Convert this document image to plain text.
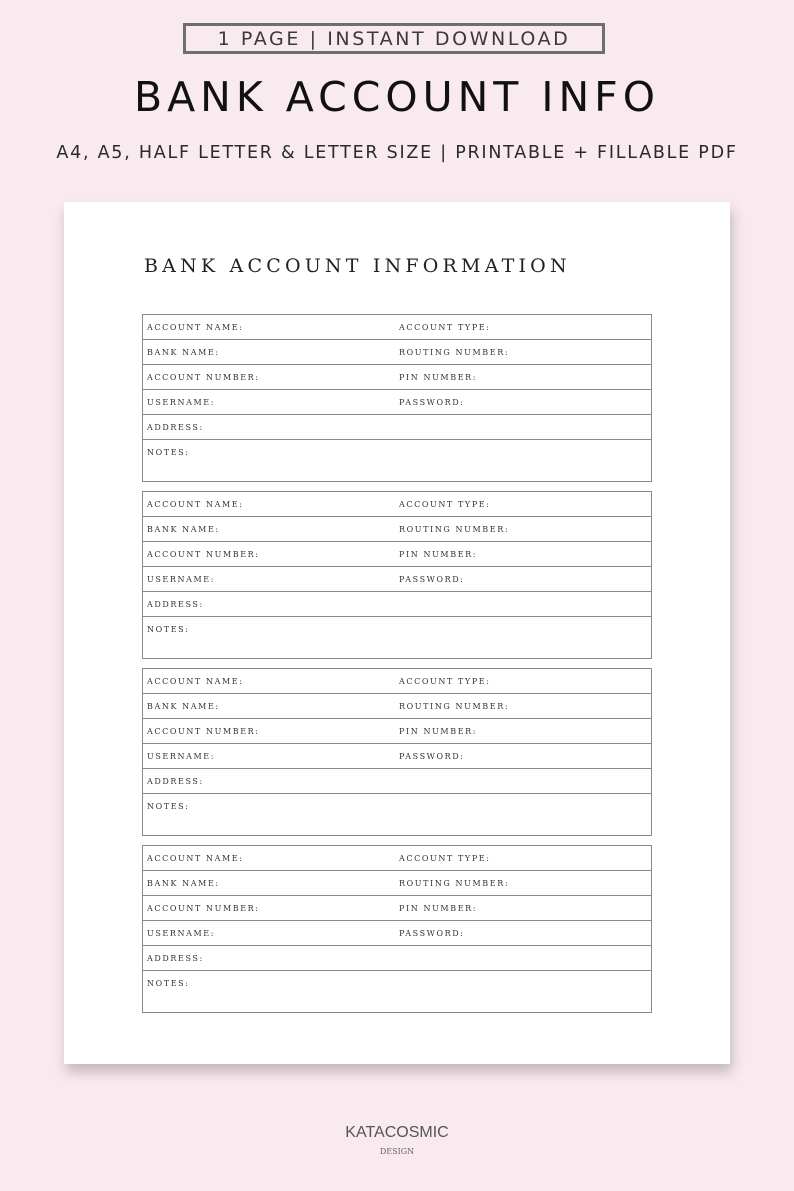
1 PAGE | INSTANT DOWNLOAD
BANK ACCOUNT INFO
A4, A5, HALF LETTER & LETTER SIZE | PRINTABLE + FILLABLE PDF
BANK ACCOUNT INFORMATION
ACCOUNT NAME:	ACCOUNT TYPE:
BANK NAME:	ROUTING NUMBER:
ACCOUNT NUMBER:	PIN NUMBER:
USERNAME:	PASSWORD:
ADDRESS:
NOTES:
ACCOUNT NAME:	ACCOUNT TYPE:
BANK NAME:	ROUTING NUMBER:
ACCOUNT NUMBER:	PIN NUMBER:
USERNAME:	PASSWORD:
ADDRESS:
NOTES:
ACCOUNT NAME:	ACCOUNT TYPE:
BANK NAME:	ROUTING NUMBER:
ACCOUNT NUMBER:	PIN NUMBER:
USERNAME:	PASSWORD:
ADDRESS:
NOTES:
ACCOUNT NAME:	ACCOUNT TYPE:
BANK NAME:	ROUTING NUMBER:
ACCOUNT NUMBER:	PIN NUMBER:
USERNAME:	PASSWORD:
ADDRESS:
NOTES:
KATACOSMIC
DESIGN
